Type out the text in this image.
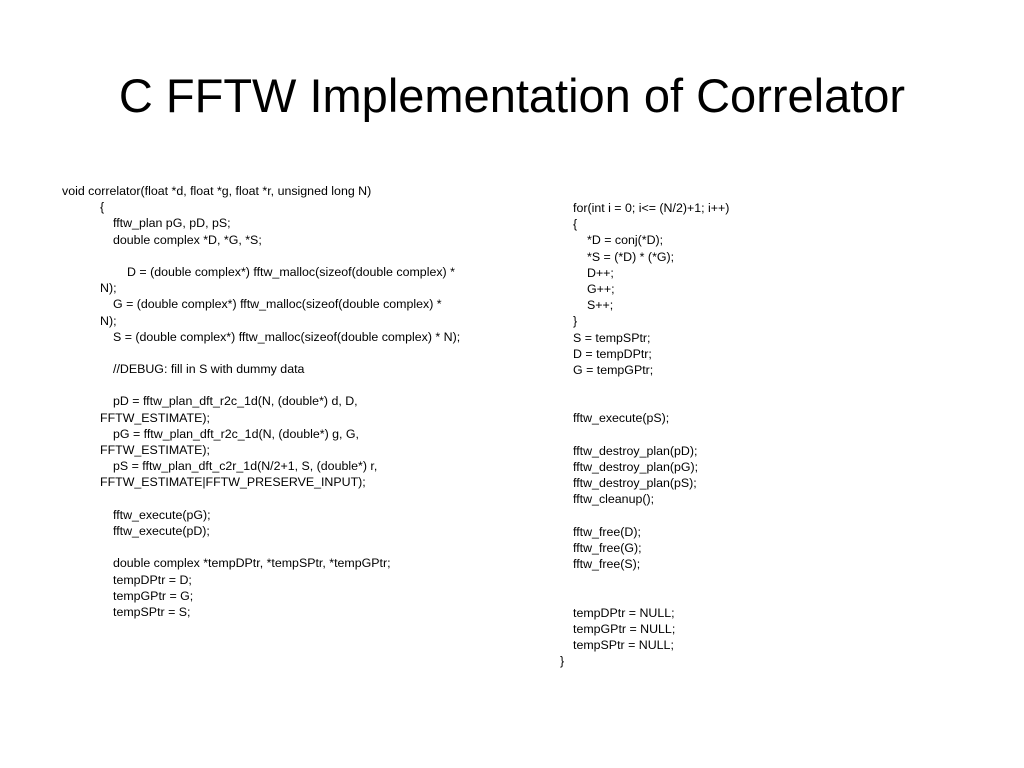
C FFTW Implementation of Correlator
void correlator(float *d, float *g, float *r, unsigned long N)
{
fftw_plan pG, pD, pS;
double complex *D, *G, *S;
D = (double complex*) fftw_malloc(sizeof(double complex) *
N);
G = (double complex*) fftw_malloc(sizeof(double complex) *
N);
S = (double complex*) fftw_malloc(sizeof(double complex) * N);
//DEBUG: fill in S with dummy data
pD = fftw_plan_dft_r2c_1d(N, (double*) d, D,
FFTW_ESTIMATE);
pG = fftw_plan_dft_r2c_1d(N, (double*) g, G,
FFTW_ESTIMATE);
pS = fftw_plan_dft_c2r_1d(N/2+1, S, (double*) r,
FFTW_ESTIMATE|FFTW_PRESERVE_INPUT);
fftw_execute(pG);
fftw_execute(pD);
double complex *tempDPtr, *tempSPtr, *tempGPtr;
tempDPtr = D;
tempGPtr = G;
tempSPtr = S;
for(int i = 0; i<= (N/2)+1; i++)
{
*D = conj(*D);
*S = (*D) * (*G);
D++;
G++;
S++;
}
S = tempSPtr;
D = tempDPtr;
G = tempGPtr;
fftw_execute(pS);
fftw_destroy_plan(pD);
fftw_destroy_plan(pG);
fftw_destroy_plan(pS);
fftw_cleanup();
fftw_free(D);
fftw_free(G);
fftw_free(S);
tempDPtr = NULL;
tempGPtr = NULL;
tempSPtr = NULL;
}
